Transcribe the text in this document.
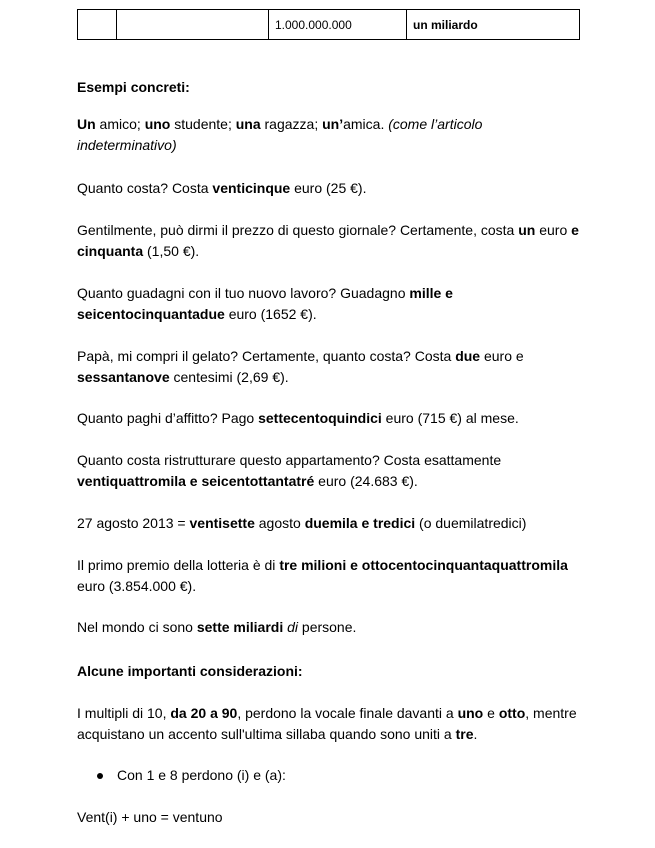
		1.000.000.000	un miliardo
Esempi concreti:
Un amico; uno studente; una ragazza; un’amica. (come l’articolo indeterminativo)
Quanto costa? Costa venticinque euro (25 €).
Gentilmente, può dirmi il prezzo di questo giornale? Certamente, costa un euro e cinquanta (1,50 €).
Quanto guadagni con il tuo nuovo lavoro? Guadagno mille e seicentocinquantadue euro (1652 €).
Papà, mi compri il gelato? Certamente, quanto costa? Costa due euro e sessantanove centesimi (2,69 €).
Quanto paghi d’affitto? Pago settecentoquindici euro (715 €) al mese.
Quanto costa ristrutturare questo appartamento? Costa esattamente ventiquattromila e seicentottantatré euro (24.683 €).
27 agosto 2013 = ventisette agosto duemila e tredici (o duemilatredici)
Il primo premio della lotteria è di tre milioni e ottocentocinquantaquattromila euro (3.854.000 €).
Nel mondo ci sono sette miliardi di persone.
Alcune importanti considerazioni:
I multipli di 10, da 20 a 90, perdono la vocale finale davanti a uno e otto, mentre acquistano un accento sull'ultima sillaba quando sono uniti a tre.
Con 1 e 8 perdono (i) e (a):
Vent(i) + uno = ventuno
